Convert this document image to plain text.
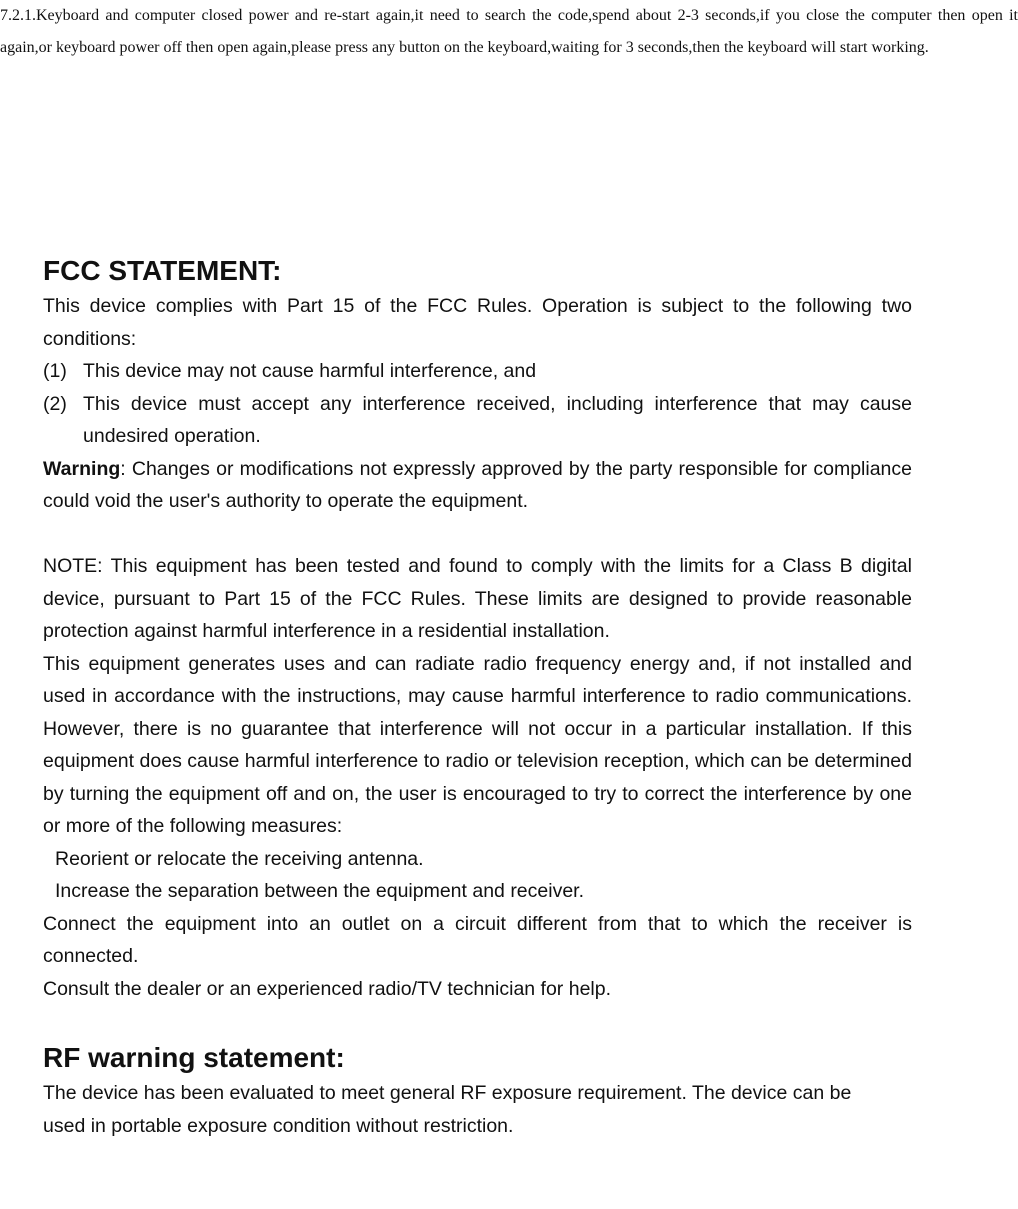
7.2.1.Keyboard and computer closed power and re-start again,it need to search the code,spend about 2-3 seconds,if you close the computer then open it again,or keyboard power off then open again,please press any button on the keyboard,waiting for 3 seconds,then the keyboard will start working.

FCC STATEMENT:

This device complies with Part 15 of the FCC Rules. Operation is subject to the following two conditions:

(1) This device may not cause harmful interference, and
(2) This device must accept any interference received, including interference that may cause undesired operation.

Warning: Changes or modifications not expressly approved by the party responsible for compliance could void the user's authority to operate the equipment.

NOTE: This equipment has been tested and found to comply with the limits for a Class B digital device, pursuant to Part 15 of the FCC Rules. These limits are designed to provide reasonable protection against harmful interference in a residential installation.

This equipment generates uses and can radiate radio frequency energy and, if not installed and used in accordance with the instructions, may cause harmful interference to radio communications. However, there is no guarantee that interference will not occur in a particular installation. If this equipment does cause harmful interference to radio or television reception, which can be determined by turning the equipment off and on, the user is encouraged to try to correct the interference by one or more of the following measures:

Reorient or relocate the receiving antenna.

Increase the separation between the equipment and receiver.

Connect the equipment into an outlet on a circuit different from that to which the receiver is connected.

Consult the dealer or an experienced radio/TV technician for help.

RF warning statement:

The device has been evaluated to meet general RF exposure requirement. The device can be used in portable exposure condition without restriction.
